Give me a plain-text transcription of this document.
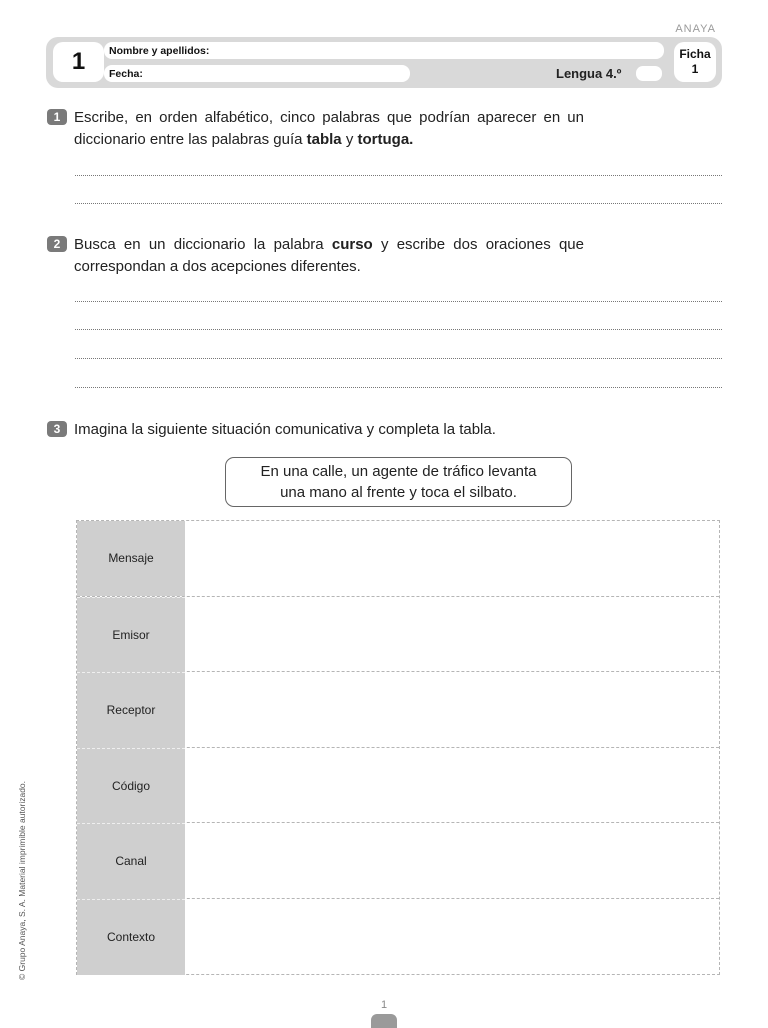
ANAYA
1	Nombre y apellidos:
Fecha:	Lengua 4.º
Ficha
1
1 Escribe, en orden alfabético, cinco palabras que podrían aparecer en un diccionario entre las palabras guía tabla y tortuga.
2 Busca en un diccionario la palabra curso y escribe dos oraciones que correspondan a dos acepciones diferentes.
3 Imagina la siguiente situación comunicativa y completa la tabla.
En una calle, un agente de tráfico levanta
una mano al frente y toca el silbato.
Mensaje
Emisor
Receptor
Código
Canal
Contexto
© Grupo Anaya, S. A. Material imprimible autorizado.
1
